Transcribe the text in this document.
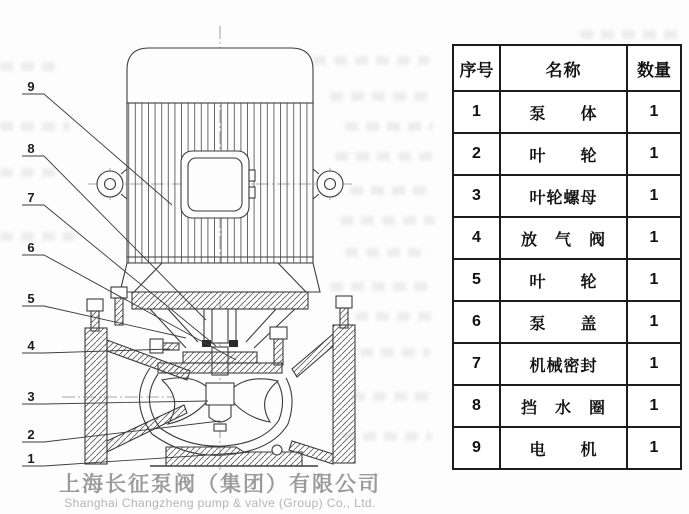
9
8
7
6
5
4
3
2
1
序号	名称	数量
1	泵　　体	1
2	叶　　轮	1
3	叶轮螺母	1
4	放　气　阀	1
5	叶　　轮	1
6	泵　　盖	1
7	机械密封	1
8	挡　水　圈	1
9	电　　机	1
上海长征泵阀（集团）有限公司
Shanghai Changzheng pump & valve (Group) Co., Ltd.
